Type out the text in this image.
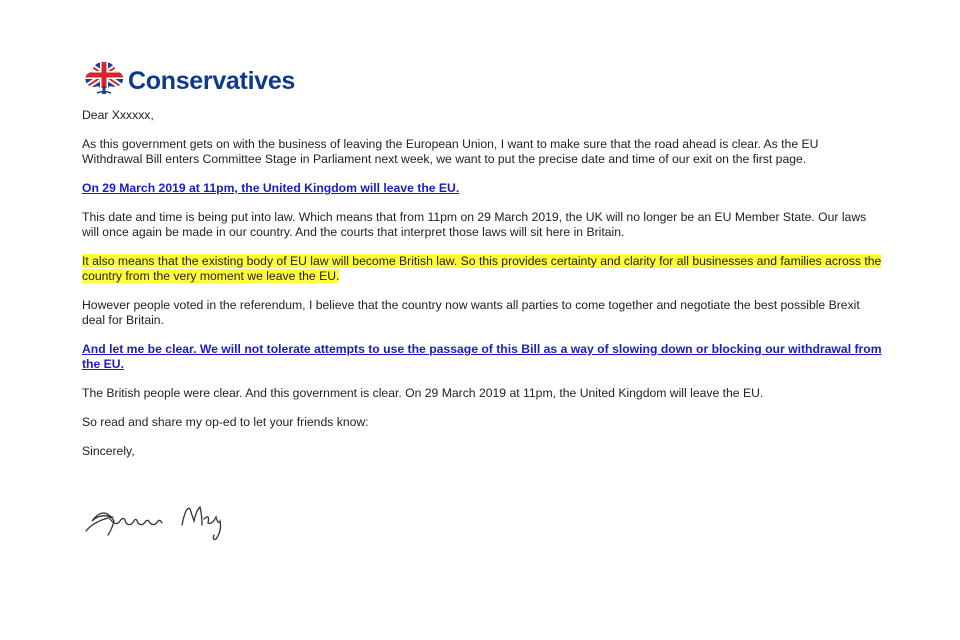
Conservatives

Dear Xxxxxx,

As this government gets on with the business of leaving the European Union, I want to make sure that the road ahead is clear. As the EU Withdrawal Bill enters Committee Stage in Parliament next week, we want to put the precise date and time of our exit on the first page.

On 29 March 2019 at 11pm, the United Kingdom will leave the EU.

This date and time is being put into law. Which means that from 11pm on 29 March 2019, the UK will no longer be an EU Member State. Our laws will once again be made in our country. And the courts that interpret those laws will sit here in Britain.

It also means that the existing body of EU law will become British law. So this provides certainty and clarity for all businesses and families across the country from the very moment we leave the EU.

However people voted in the referendum, I believe that the country now wants all parties to come together and negotiate the best possible Brexit deal for Britain.

And let me be clear. We will not tolerate attempts to use the passage of this Bill as a way of slowing down or blocking our withdrawal from the EU.

The British people were clear. And this government is clear. On 29 March 2019 at 11pm, the United Kingdom will leave the EU.

So read and share my op-ed to let your friends know:

Sincerely,
